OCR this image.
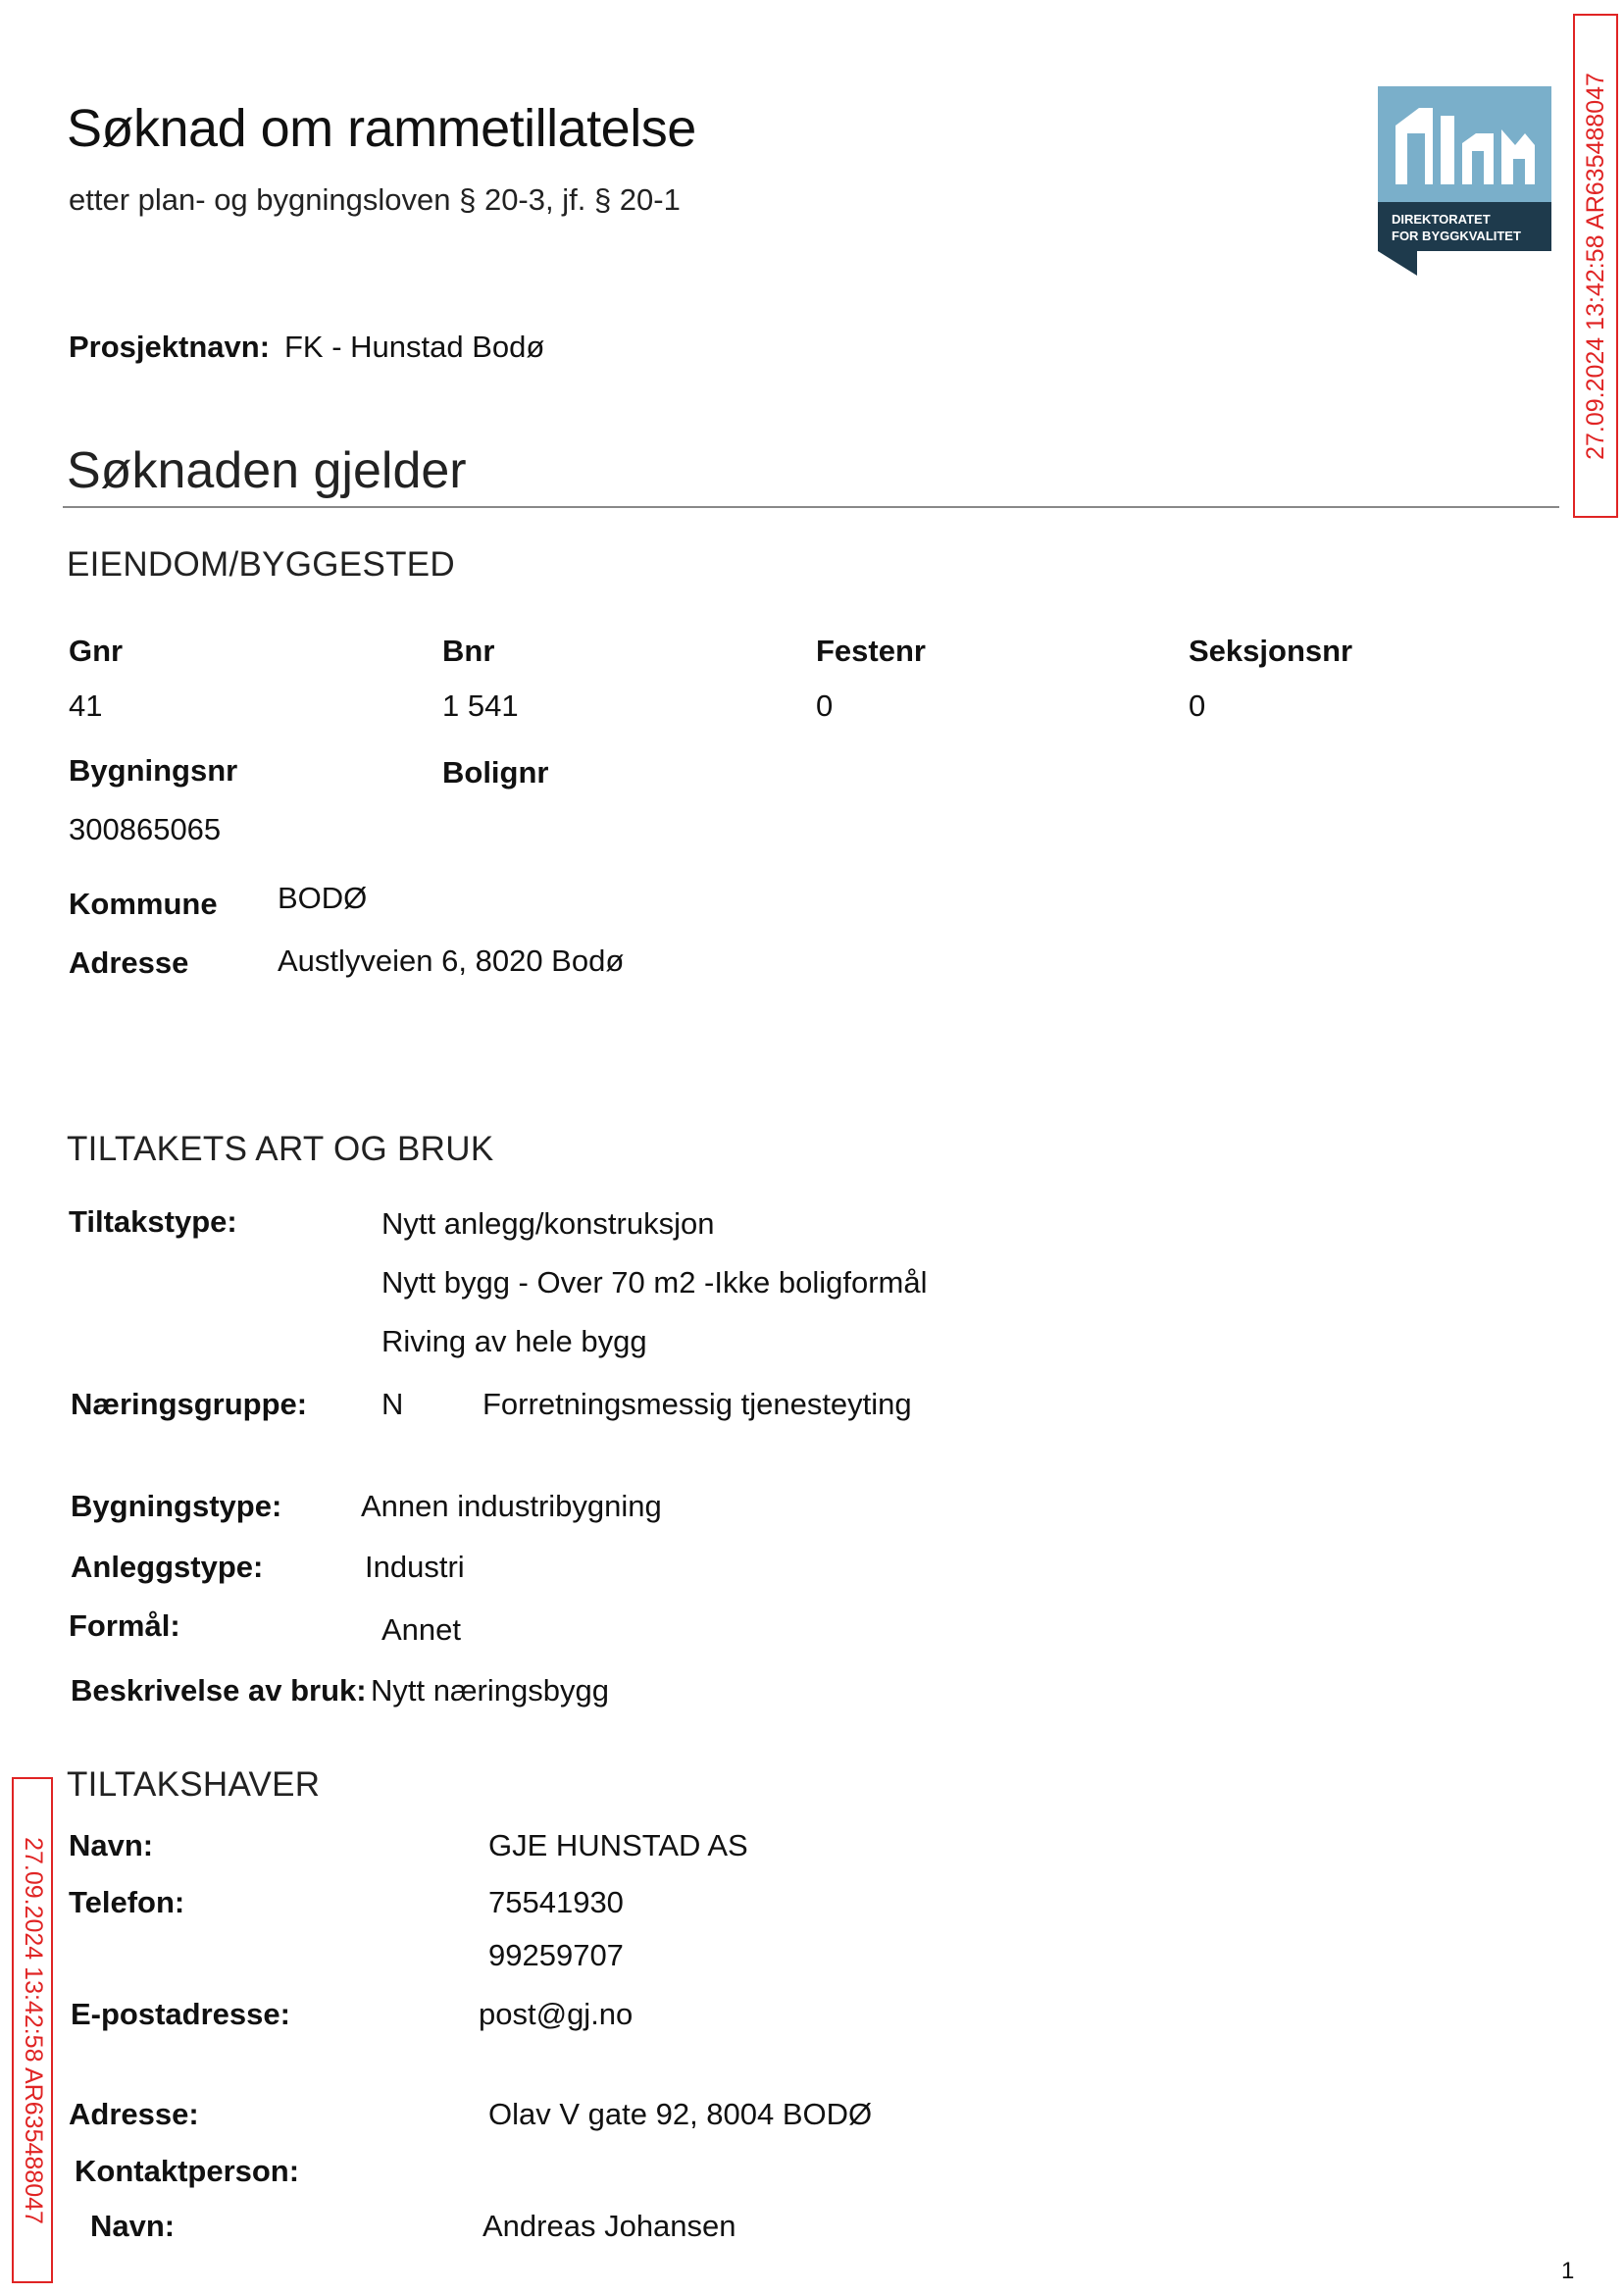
Søknad om rammetillatelse
etter plan- og bygningsloven § 20-3, jf. § 20-1
Prosjektnavn: FK - Hunstad Bodø
DIREKTORATET
FOR BYGGKVALITET 27.09.2024 13:42:58 AR635488047
27.09.2024 13:42:58 AR635488047
Søknaden gjelder
EIENDOM/BYGGESTED
Gnr	Bnr	Festenr	Seksjonsnr
41	1 541	0	0
Bygningsnr	Bolignr
300865065
Kommune BODØ
Adresse	Austlyveien 6, 8020 Bodø
TILTAKETS ART OG BRUK
Tiltakstype:	Nytt anlegg/konstruksjon
Nytt bygg - Over 70 m2 -Ikke boligformål
Riving av hele bygg
Næringsgruppe: N	Forretningsmessig tjenesteyting
Bygningstype:	Annen industribygning
Anleggstype:	Industri
Formål:	Annet
Beskrivelse av bruk: Nytt næringsbygg
TILTAKSHAVER
Navn:	GJE HUNSTAD AS
Telefon:	75541930
99259707
E-postadresse:	post@gj.no
Adresse:	Olav V gate 92, 8004 BODØ
Kontaktperson:
Navn:	Andreas Johansen
1
